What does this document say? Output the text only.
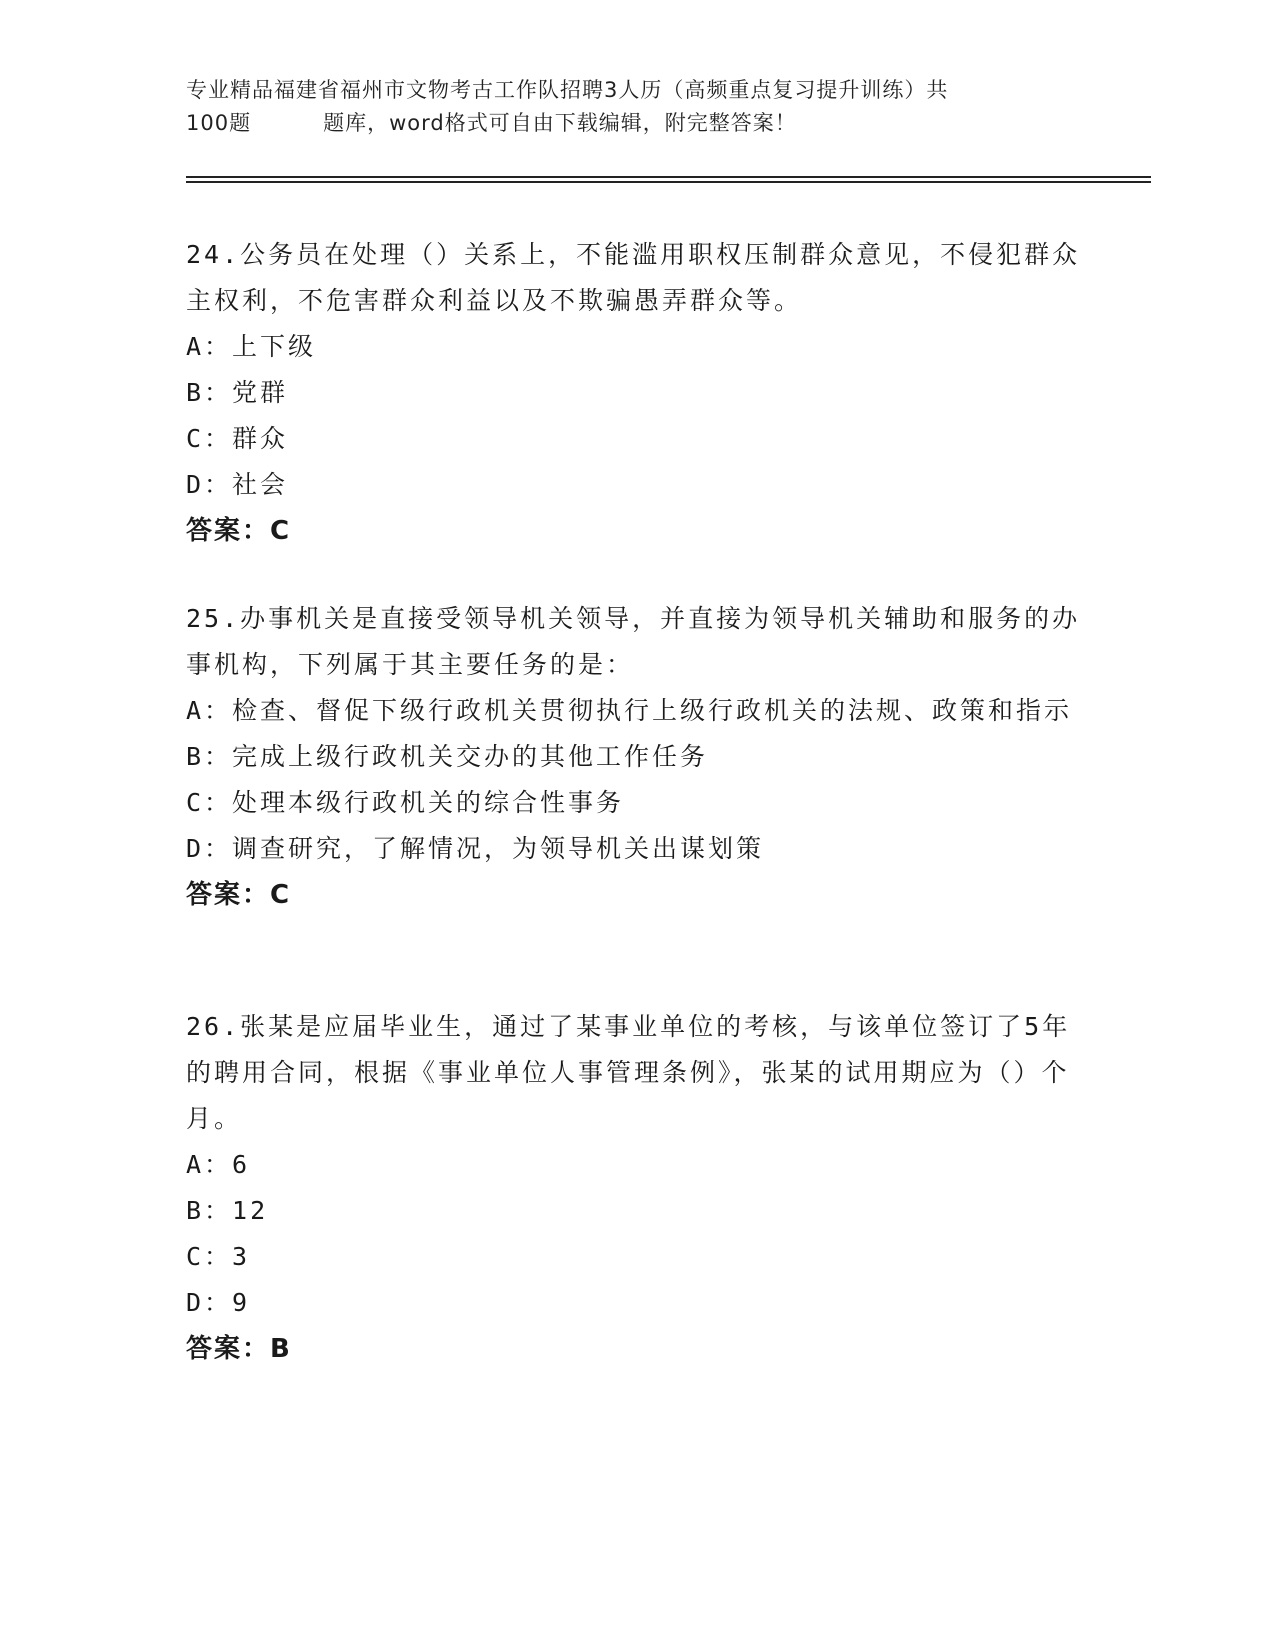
专业精品福建省福州市文物考古工作队招聘3人历（高频重点复习提升训练）共
100题	题库，word格式可自由下载编辑，附完整答案！

24.公务员在处理（）关系上，不能滥用职权压制群众意见，不侵犯群众主权利，不危害群众利益以及不欺骗愚弄群众等。

A：上下级

B：党群

C：群众

D：社会

答案：C

25.办事机关是直接受领导机关领导，并直接为领导机关辅助和服务的办事机构，下列属于其主要任务的是：

A：检查、督促下级行政机关贯彻执行上级行政机关的法规、政策和指示

B：完成上级行政机关交办的其他工作任务

C：处理本级行政机关的综合性事务

D：调查研究，了解情况，为领导机关出谋划策

答案：C

26.张某是应届毕业生，通过了某事业单位的考核，与该单位签订了5年的聘用合同，根据《事业单位人事管理条例》，张某的试用期应为（）个月。

A：6

B：12

C：3

D：9

答案：B
